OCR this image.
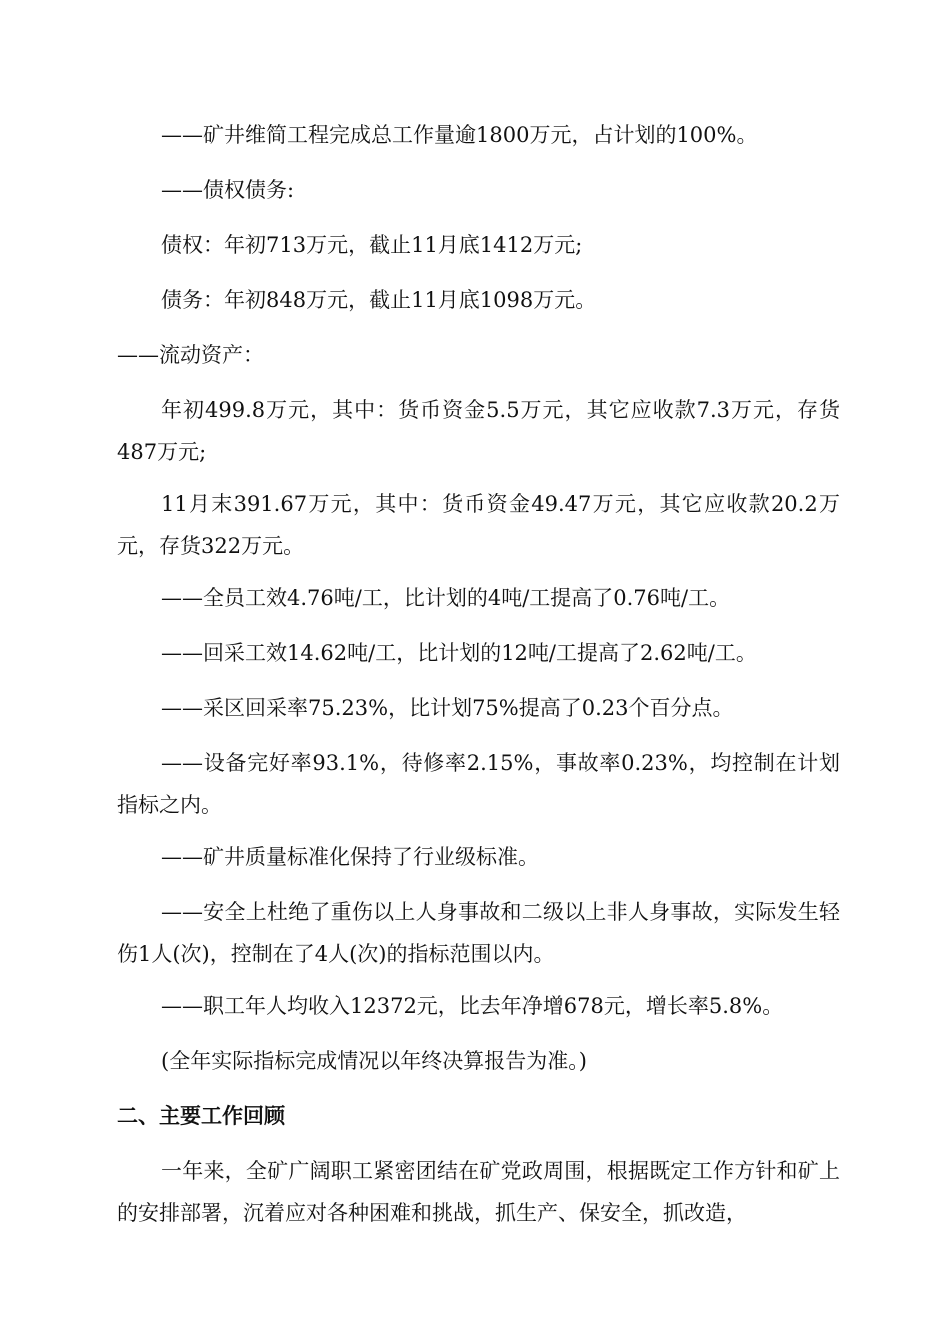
——矿井维简工程完成总工作量逾1800万元，占计划的100%。

——债权债务:

债权：年初713万元，截止11月底1412万元;

债务：年初848万元，截止11月底1098万元。

——流动资产：

年初499.8万元，其中：货币资金5.5万元，其它应收款7.3万元，存货487万元;

11月末391.67万元，其中：货币资金49.47万元，其它应收款20.2万元，存货322万元。

——全员工效4.76吨/工，比计划的4吨/工提高了0.76吨/工。

——回采工效14.62吨/工，比计划的12吨/工提高了2.62吨/工。

——采区回采率75.23%，比计划75%提高了0.23个百分点。

——设备完好率93.1%，待修率2.15%，事故率0.23%，均控制在计划指标之内。

——矿井质量标准化保持了行业级标准。

——安全上杜绝了重伤以上人身事故和二级以上非人身事故，实际发生轻伤1人(次)，控制在了4人(次)的指标范围以内。

——职工年人均收入12372元，比去年净增678元，增长率5.8%。

(全年实际指标完成情况以年终决算报告为准。)

二、主要工作回顾

一年来，全矿广阔职工紧密团结在矿党政周围，根据既定工作方针和矿上的安排部署，沉着应对各种困难和挑战，抓生产、保安全，抓改造，
